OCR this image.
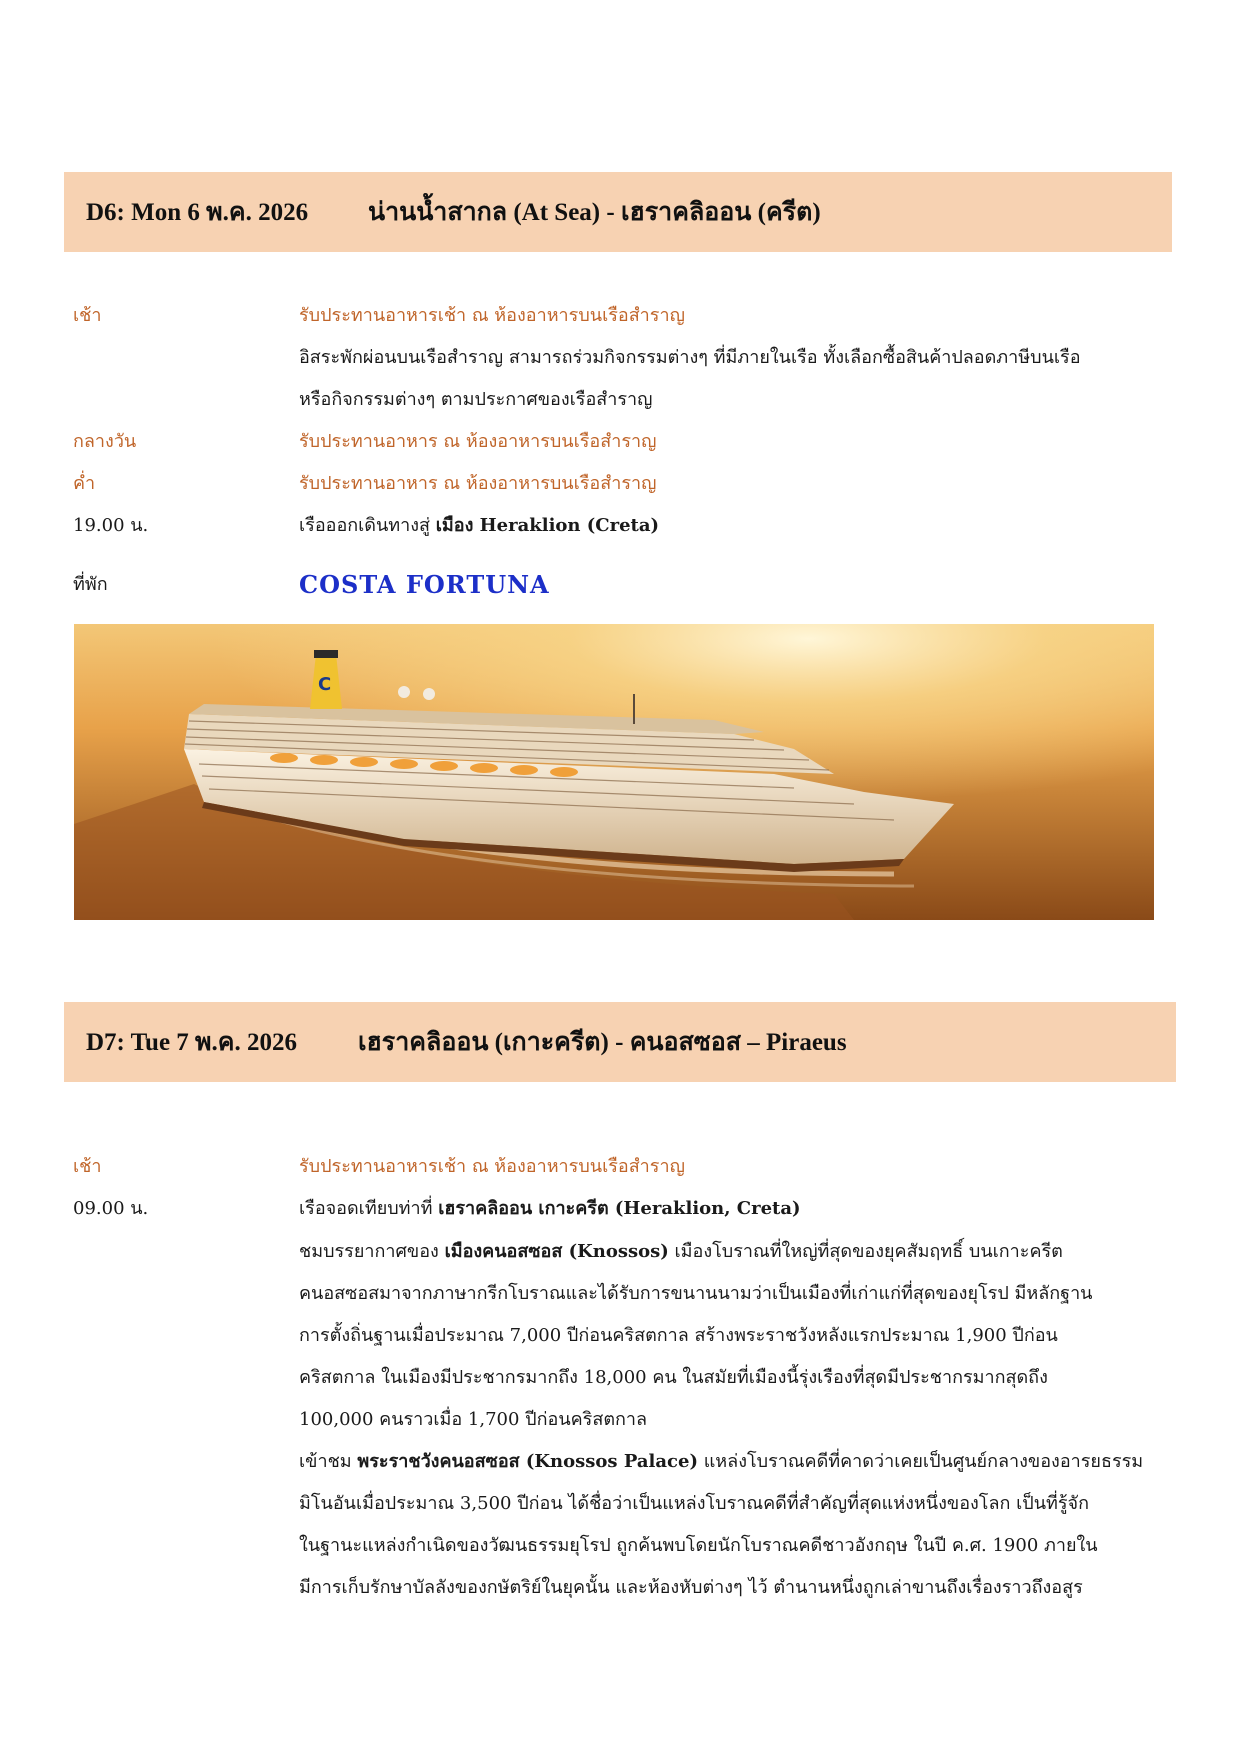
D6: Mon 6 พ.ค. 2026	น่านน้ำสากล (At Sea) - เฮราคลิออน (ครีต)
เช้า	รับประทานอาหารเช้า ณ ห้องอาหารบนเรือสำราญ
อิสระพักผ่อนบนเรือสำราญ สามารถร่วมกิจกรรมต่างๆ ที่มีภายในเรือ ทั้งเลือกซื้อสินค้าปลอดภาษีบนเรือ
หรือกิจกรรมต่างๆ ตามประกาศของเรือสำราญ
กลางวัน	รับประทานอาหาร ณ ห้องอาหารบนเรือสำราญ
ค่ำ	รับประทานอาหาร ณ ห้องอาหารบนเรือสำราญ
19.00 น.	เรือออกเดินทางสู่ เมือง Heraklion (Creta)
ที่พัก	COSTA FORTUNA
C
D7: Tue 7 พ.ค. 2026	เฮราคลิออน (เกาะครีต) - คนอสซอส – Piraeus
เช้า	รับประทานอาหารเช้า ณ ห้องอาหารบนเรือสำราญ
09.00 น.	เรือจอดเทียบท่าที่ เฮราคลิออน เกาะครีต (Heraklion, Creta)
ชมบรรยากาศของ เมืองคนอสซอส (Knossos) เมืองโบราณที่ใหญ่ที่สุดของยุคสัมฤทธิ์ บนเกาะครีต
คนอสซอสมาจากภาษากรีกโบราณและได้รับการขนานนามว่าเป็นเมืองที่เก่าแก่ที่สุดของยุโรป มีหลักฐาน
การตั้งถิ่นฐานเมื่อประมาณ 7,000 ปีก่อนคริสตกาล สร้างพระราชวังหลังแรกประมาณ 1,900 ปีก่อน
คริสตกาล ในเมืองมีประชากรมากถึง 18,000 คน ในสมัยที่เมืองนี้รุ่งเรืองที่สุดมีประชากรมากสุดถึง
100,000 คนราวเมื่อ 1,700 ปีก่อนคริสตกาล
เข้าชม พระราชวังคนอสซอส (Knossos Palace) แหล่งโบราณคดีที่คาดว่าเคยเป็นศูนย์กลางของอารยธรรม
มิโนอันเมื่อประมาณ 3,500 ปีก่อน ได้ชื่อว่าเป็นแหล่งโบราณคดีที่สำคัญที่สุดแห่งหนึ่งของโลก เป็นที่รู้จัก
ในฐานะแหล่งกำเนิดของวัฒนธรรมยุโรป ถูกค้นพบโดยนักโบราณคดีชาวอังกฤษ ในปี ค.ศ. 1900 ภายใน
มีการเก็บรักษาบัลลังของกษัตริย์ในยุคนั้น และห้องหับต่างๆ ไว้ ตำนานหนึ่งถูกเล่าขานถึงเรื่องราวถึงอสูร
